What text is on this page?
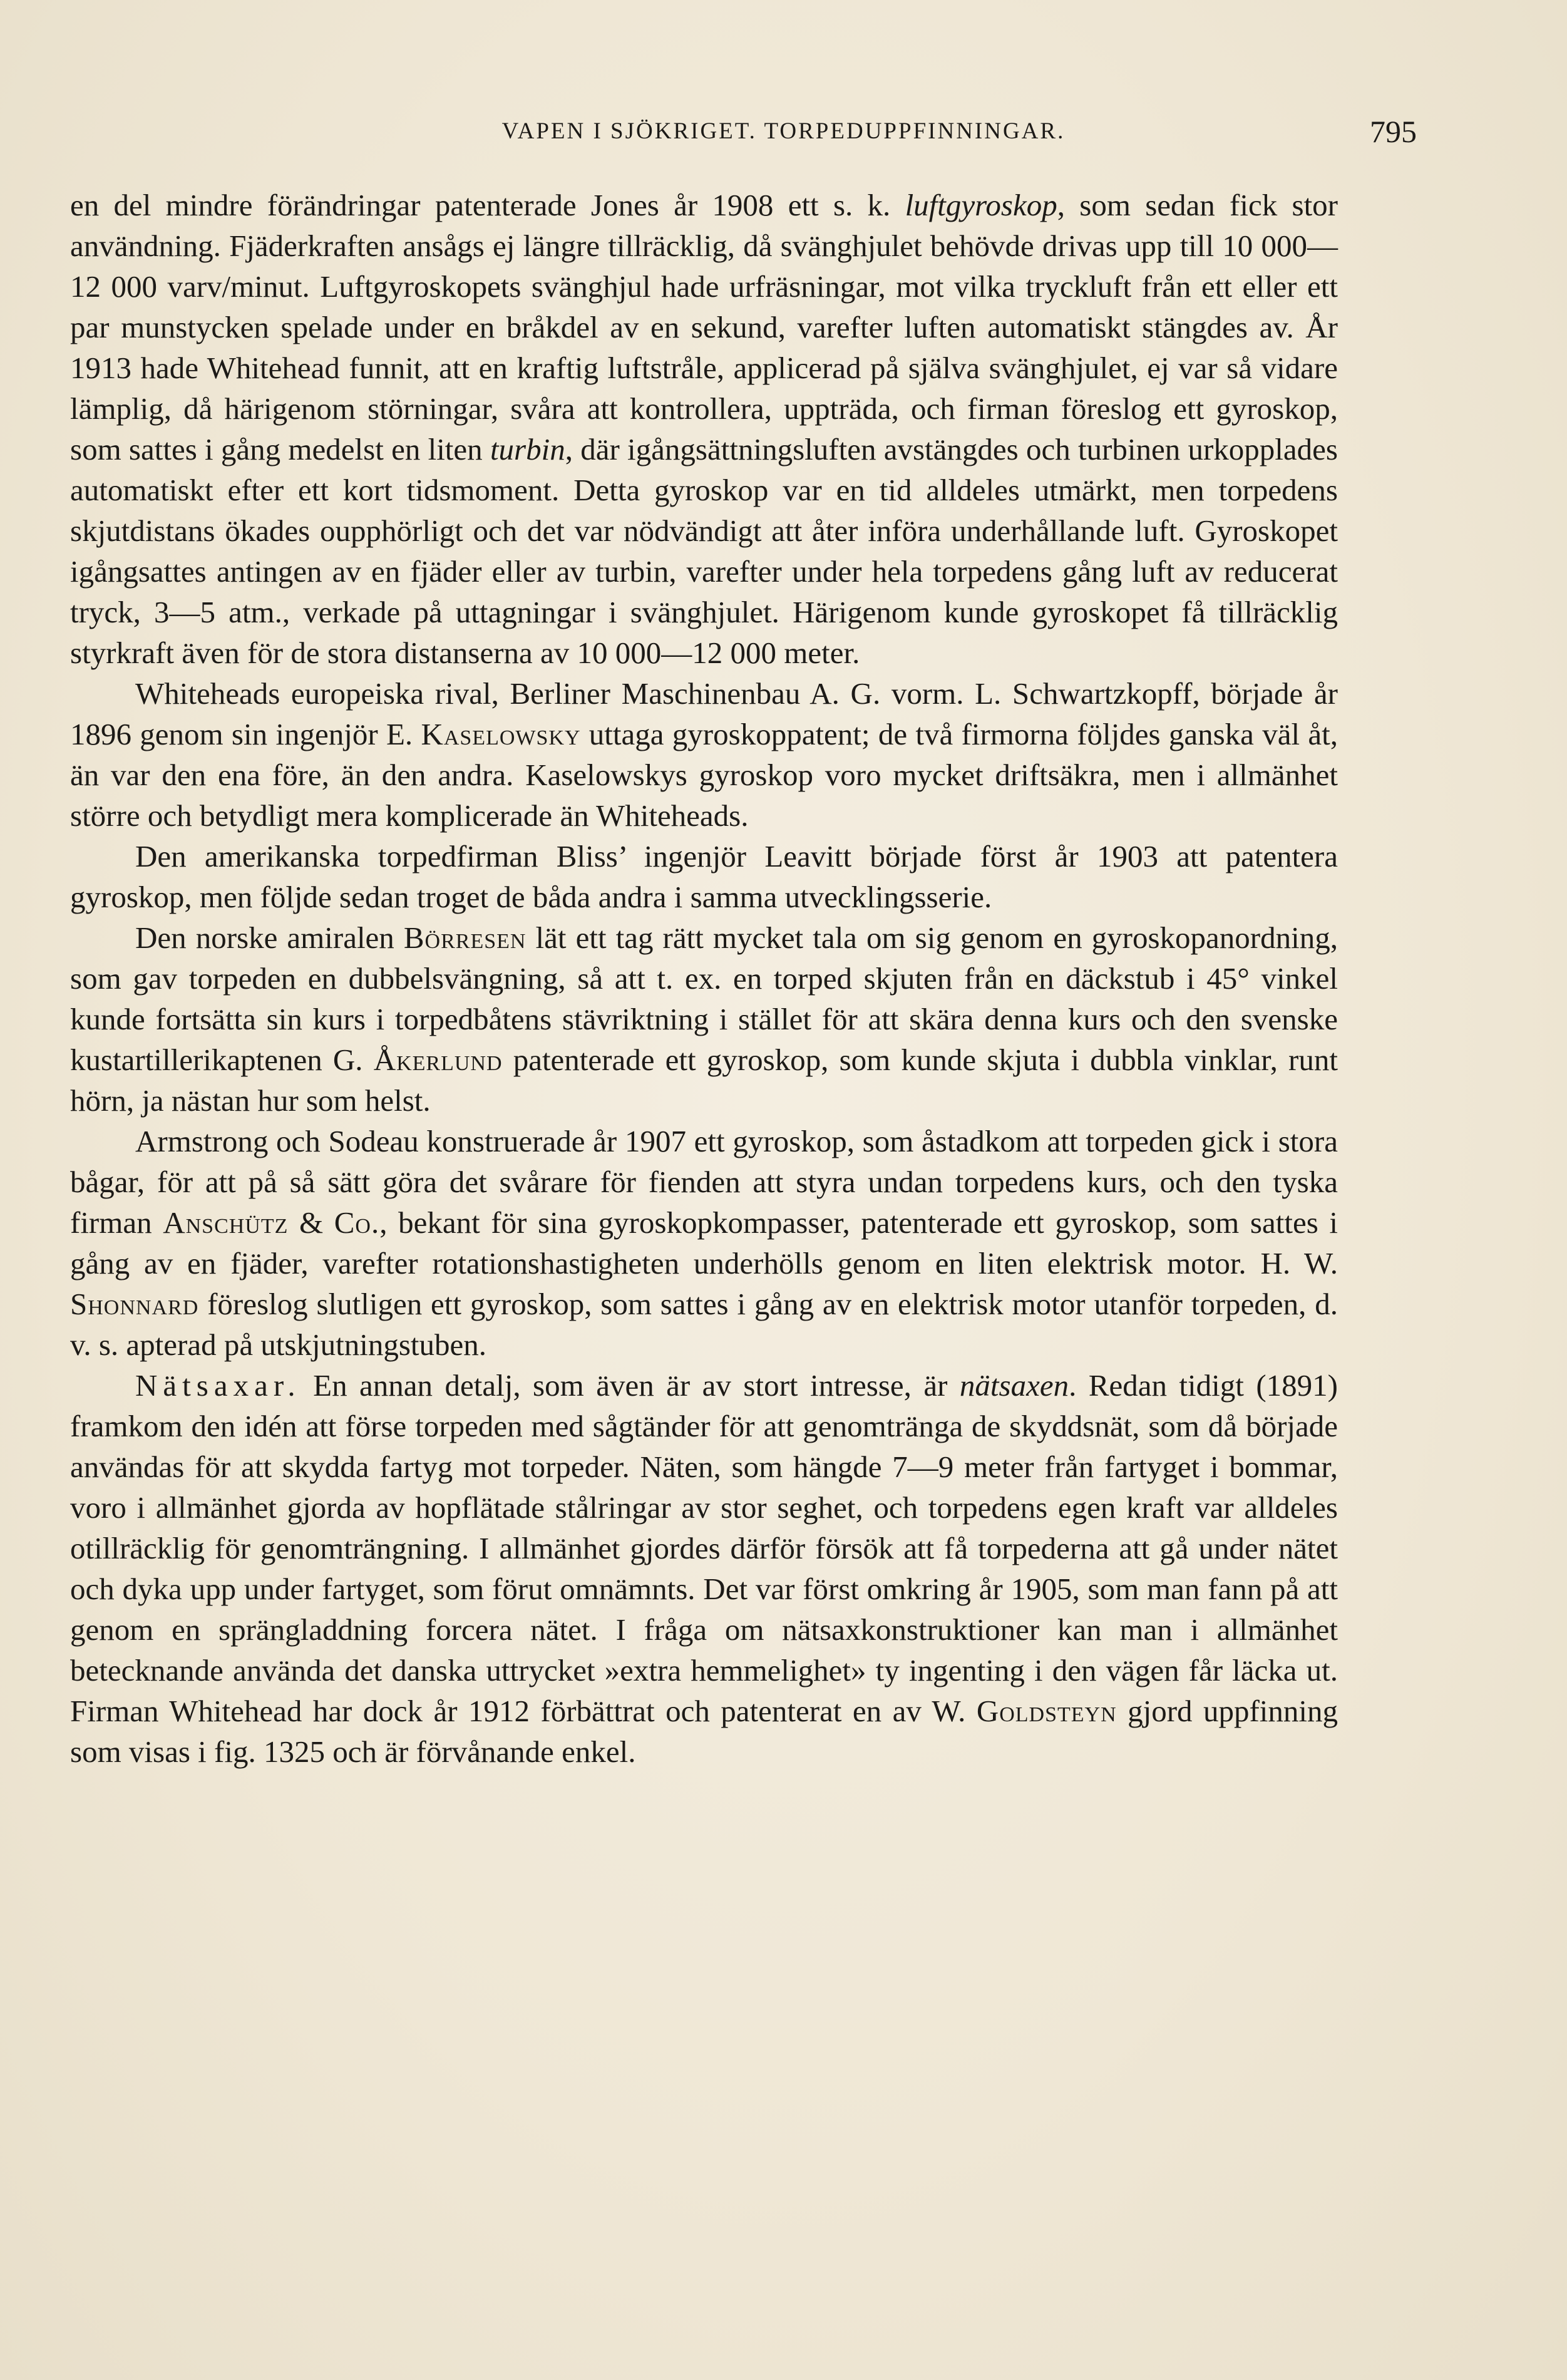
VAPEN I SJÖKRIGET. TORPEDUPPFINNINGAR.	795

en del mindre förändringar patenterade Jones år 1908 ett s. k. luftgyroskop, som sedan fick stor användning. Fjäderkraften ansågs ej längre tillräcklig, då svänghjulet behövde drivas upp till 10 000—12 000 varv/minut. Luftgyroskopets svänghjul hade urfräsningar, mot vilka tryckluft från ett eller ett par munstycken spelade under en bråkdel av en sekund, varefter luften automatiskt stängdes av. År 1913 hade Whitehead funnit, att en kraftig luftstråle, applicerad på själva svänghjulet, ej var så vidare lämplig, då härigenom störningar, svåra att kontrollera, uppträda, och firman föreslog ett gyroskop, som sattes i gång medelst en liten turbin, där igångsättningsluften avstängdes och turbinen urkopplades automatiskt efter ett kort tidsmoment. Detta gyroskop var en tid alldeles utmärkt, men torpedens skjutdistans ökades oupphörligt och det var nödvändigt att åter införa underhållande luft. Gyroskopet igångsattes antingen av en fjäder eller av turbin, varefter under hela torpedens gång luft av reducerat tryck, 3—5 atm., verkade på uttagningar i svänghjulet. Härigenom kunde gyroskopet få tillräcklig styrkraft även för de stora distanserna av 10 000—12 000 meter.

Whiteheads europeiska rival, Berliner Maschinenbau A. G. vorm. L. Schwartzkopff, började år 1896 genom sin ingenjör E. Kaselowsky uttaga gyroskoppatent; de två firmorna följdes ganska väl åt, än var den ena före, än den andra. Kaselowskys gyroskop voro mycket driftsäkra, men i allmänhet större och betydligt mera komplicerade än Whiteheads.

Den amerikanska torpedfirman Bliss’ ingenjör Leavitt började först år 1903 att patentera gyroskop, men följde sedan troget de båda andra i samma utvecklingsserie.

Den norske amiralen Börresen lät ett tag rätt mycket tala om sig genom en gyroskopanordning, som gav torpeden en dubbelsvängning, så att t. ex. en torped skjuten från en däckstub i 45° vinkel kunde fortsätta sin kurs i torpedbåtens stävriktning i stället för att skära denna kurs och den svenske kustartillerikaptenen G. Åkerlund patenterade ett gyroskop, som kunde skjuta i dubbla vinklar, runt hörn, ja nästan hur som helst.

Armstrong och Sodeau konstruerade år 1907 ett gyroskop, som åstadkom att torpeden gick i stora bågar, för att på så sätt göra det svårare för fienden att styra undan torpedens kurs, och den tyska firman Anschütz & Co., bekant för sina gyroskopkompasser, patenterade ett gyroskop, som sattes i gång av en fjäder, varefter rotationshastigheten underhölls genom en liten elektrisk motor. H. W. Shonnard föreslog slutligen ett gyroskop, som sattes i gång av en elektrisk motor utanför torpeden, d. v. s. apterad på utskjutningstuben.

Nätsaxar. En annan detalj, som även är av stort intresse, är nätsaxen. Redan tidigt (1891) framkom den idén att förse torpeden med sågtänder för att genomtränga de skyddsnät, som då började användas för att skydda fartyg mot torpeder. Näten, som hängde 7—9 meter från fartyget i bommar, voro i allmänhet gjorda av hopflätade stålringar av stor seghet, och torpedens egen kraft var alldeles otillräcklig för genomträngning. I allmänhet gjordes därför försök att få torpederna att gå under nätet och dyka upp under fartyget, som förut omnämnts. Det var först omkring år 1905, som man fann på att genom en sprängladdning forcera nätet. I fråga om nätsaxkonstruktioner kan man i allmänhet betecknande använda det danska uttrycket »extra hemmelighet» ty ingenting i den vägen får läcka ut. Firman Whitehead har dock år 1912 förbättrat och patenterat en av W. Goldsteyn gjord uppfinning som visas i fig. 1325 och är förvånande enkel.
